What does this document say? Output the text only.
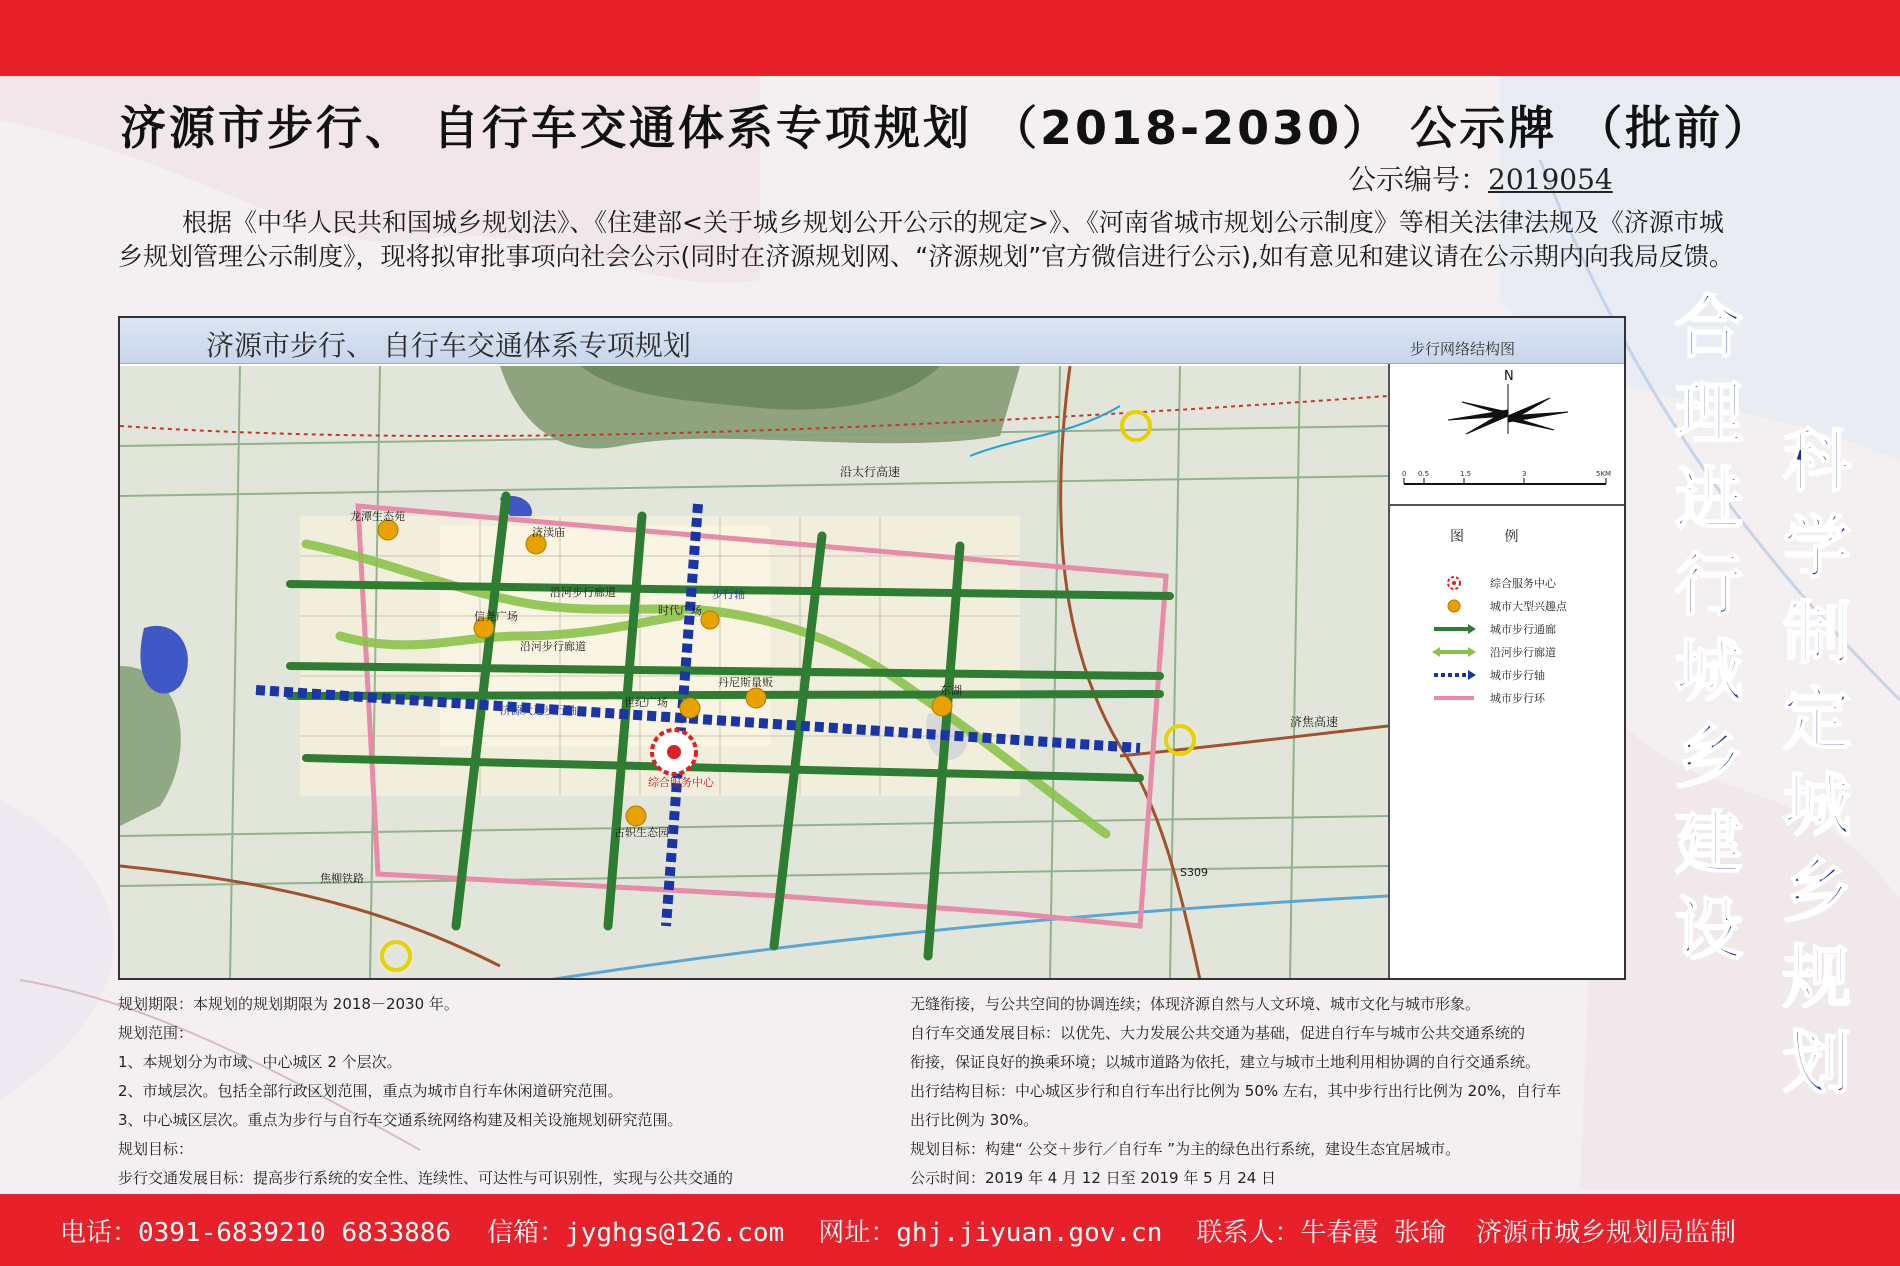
济源市步行、 自行车交通体系专项规划 （2018-2030） 公示牌 （批前）
公示编号：2019054

根据《中华人民共和国城乡规划法》、《住建部<关于城乡规划公开公示的规定>》、《河南省城市规划公示制度》等相关法律法规及《济源市城乡规划管理公示制度》，现将拟审批事项向社会公示(同时在济源规划网、“济源规划”官方微信进行公示),如有意见和建议请在公示期内向我局反馈。

济源市步行、 自行车交通体系专项规划	步行网络结构图
沿太行高速
济焦高速
焦柳铁路	S309
龙潭生态苑
济渎庙
信尧广场	时代广场
世纪广场
丹尼斯量贩
东湖
古轵生态园
综合服务中心
沿河步行廊道
沿河步行廊道
济源大道步行轴
步行轴
N
0 0.5	1.5	3	5KM
图 例
综合服务中心
城市大型兴趣点
城市步行通廊
沿河步行廊道
城市步行轴
城市步行环
合
理
进
行
城
乡
建
设
科
学
制
定
城
乡
规
划

规划期限：本规划的规划期限为 2018－2030 年。

规划范围：

1、本规划分为市域、中心城区 2 个层次。

2、市域层次。包括全部行政区划范围，重点为城市自行车休闲道研究范围。

3、中心城区层次。重点为步行与自行车交通系统网络构建及相关设施规划研究范围。

规划目标：

步行交通发展目标：提高步行系统的安全性、连续性、可达性与可识别性，实现与公共交通的

无缝衔接，与公共空间的协调连续；体现济源自然与人文环境、城市文化与城市形象。

自行车交通发展目标：以优先、大力发展公共交通为基础，促进自行车与城市公共交通系统的

衔接，保证良好的换乘环境；以城市道路为依托，建立与城市土地利用相协调的自行交通系统。

出行结构目标：中心城区步行和自行车出行比例为 50% 左右，其中步行出行比例为 20%，自行车

出行比例为 30%。

规划目标：构建“ 公交＋步行／自行车 ”为主的绿色出行系统，建设生态宜居城市。

公示时间：2019 年 4 月 12 日至 2019 年 5 月 24 日

电话：0391-6839210 6833886 信箱：jyghgs@126.com 网址：ghj.jiyuan.gov.cn 联系人：牛春霞 张瑜 济源市城乡规划局监制
